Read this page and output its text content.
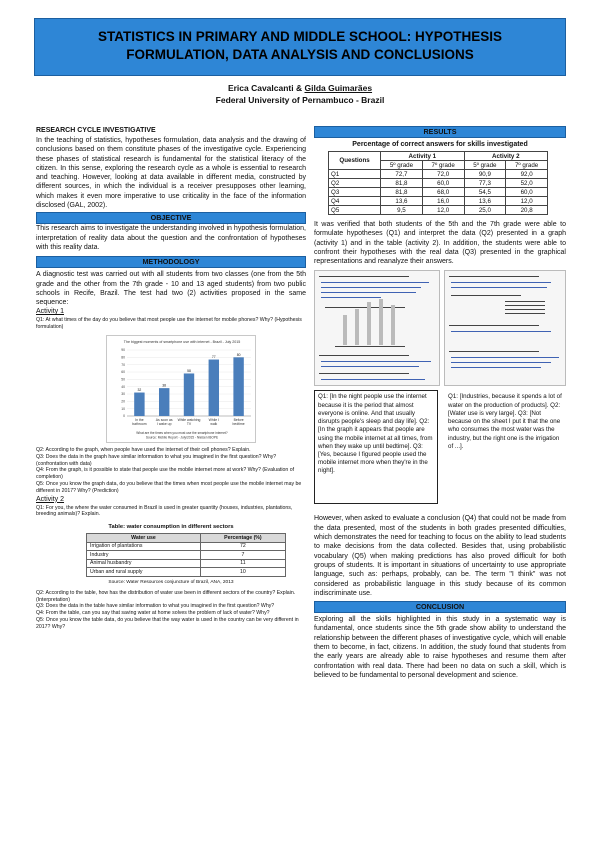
STATISTICS IN PRIMARY AND MIDDLE SCHOOL: HYPOTHESIS
FORMULATION, DATA ANALYSIS AND CONCLUSIONS
Erica Cavalcanti & Gilda Guimarães
Federal University of Pernambuco - Brazil
RESEARCH CYCLE INVESTIGATIVE
In the teaching of statistics, hypotheses formulation, data analysis and the drawing of conclusions based on them constitute phases of the investigative cycle. Experiencing these phases of statistical research is fundamental for the statistical literacy of the citizen. In this sense, exploring the research cycle as a whole is essential to research and teaching. However, looking at data available in different media, constructed by different sources, in which the individual is a receiver presupposes other learning, which makes it even more imperative to use criticality in the face of the information disclosed (GAL, 2002).
OBJECTIVE
This research aims to investigate the understanding involved in hypothesis formulation, interpretation of reality data about the question and the confrontation of hypotheses with this reality data.
METHODOLOGY
A diagnostic test was carried out with all students from two classes (one from the 5th grade and the other from the 7th grade - 10 and 13 aged students) from two public schools in Recife, Brazil. The test had two (2) activities proposed in the same sequence:
Activity 1
Q1: At what times of the day do you believe that most people use the internet for mobile phones? Why? (Hypothesis formulation)
The biggest moments of smartphone use with internet - Brazil - July 2015
0
10
20
30
40
50
60
70
80
90
32
In the
bathroom
38
As soon as
I wake up
58
While watching
TV
77
While I
walk
80
Before
bedtime
What are the times when you most use the smartphone internet?
Source: Mobile Report - July/2015 - Nielsen IBOPE
Q2: According to the graph, when people have used the internet of their cell phones? Explain.
Q3: Does the data in the graph have similar information to what you imagined in the first question? Why? (confrontation with data)
Q4: From the graph, is it possible to state that people use the mobile internet more at work? Why? (Evaluation of completion)
Q5: Once you know the graph data, do you believe that the times when most people use the mobile internet may be different in 2017? Why? (Prediction)
Activity 2
Q1: For you, the where the water consumed in Brazil is used in greater quantity (houses, industries, plantations, breeding animals)? Explain.
Table: water consumption in different sectors
Water use	Percentage (%)
Irrigation of plantations	72
Industry	7
Animal husbandry	11
Urban and rural supply	10
Source: Water Resources conjuncture of Brazil, ANA, 2013
Q2: According to the table, how has the distribution of water use been in different sectors of the country? Explain. (Interpretation)
Q3: Does the data in the table have similar information to what you imagined in the first question? Why?
Q4: From the table, can you say that saving water at home solves the problem of lack of water? Why?
Q5: Once you know the table data, do you believe that the way water is used in the country can be very different in 2017? Why?
RESULTS
Percentage of correct answers for skills investigated
Questions	Activity 1		Activity 2	
	5º grade	7º grade	5º grade	7º grade
Q1	72,7	72,0	90,9	92,0
Q2	81,8	60,0	77,3	52,0
Q3	81,8	68,0	54,5	60,0
Q4	13,6	16,0	13,6	12,0
Q5	9,5	12,0	25,0	20,8
It was verified that both students of the 5th and the 7th grade were able to formulate hypotheses (Q1) and interpret the data (Q2) presented in a graph (activity 1) and in the table (activity 2). In addition, the students were able to confront their hypotheses with the real data (Q3) presented in the graphical representations and reanalyze their answers.
Q1: [In the night people use the internet because it is the period that almost everyone is online. And that usually disrupts people's sleep and day life]. Q2: [In the graph it appears that people are using the mobile internet at all times, from when they wake up until bedtime]. Q3: [Yes, because I figured people used the mobile internet more when they're in the night].
Q1: [Industries, because it spends a lot of water on the production of products]. Q2: [Water use is very large]. Q3: [Not because on the sheet I put it that the one who consumes the most water was the industry, but the right one is the irrigation of ...].
However, when asked to evaluate a conclusion (Q4) that could not be made from the data presented, most of the students in both grades presented difficulties, which demonstrates the need for teaching to focus on the ability to lead students to make decisions from the data collected. Besides that, using probabilistic vocabulary (Q5) when making predictions has also proved difficult for both groups of students. It is important in situations of uncertainty to use appropriate language, such as: perhaps, probably, can be. The term "I think" was not considered as probabilistic language in this study because of its common indiscriminate use.
CONCLUSION
Exploring all the skills highlighted in this study in a systematic way is fundamental, once students since the 5th grade show ability to understand the relationship between the different phases of investigative cycle, which will enable them to become, in fact, citizens. In addition, the study found that students from the early years are already able to raise hypotheses and resume them after confrontation with real data. There had been no data on such a skill, which is believed to be fundamental to personal development and science.
